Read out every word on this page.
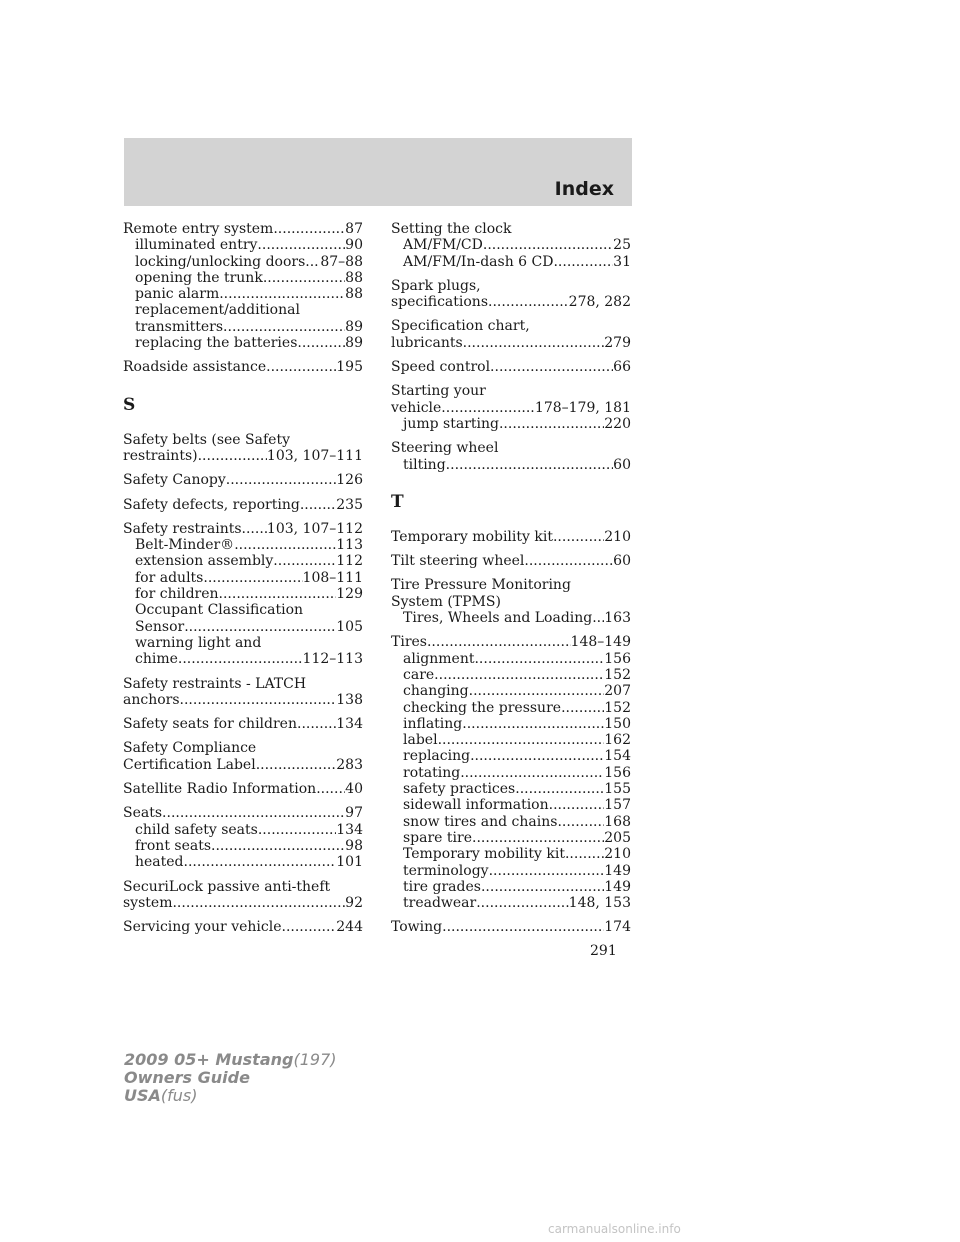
Index
Remote entry system .....	87
illuminated entry .....	90
locking/unlocking doors ..... 87–88
opening the trunk .....	88
panic alarm .....	88
replacement/additional
transmitters .....	89
replacing the batteries .....	89
Roadside assistance .....	195
S
Safety belts (see Safety
restraints) .....	103, 107–111
Safety Canopy .....	126
Safety defects, reporting .....	235
Safety restraints ..... 103, 107–112
Belt-Minder® .....	113
extension assembly .....	112
for adults .....	108–111
for children .....	129
Occupant Classification
Sensor .....	105
warning light and
chime .....	112–113
Safety restraints - LATCH
anchors .....	138
Safety seats for children .....	134
Safety Compliance
Certification Label .....	283
Satellite Radio Information ..... 40
Seats .....	97
child safety seats .....	134
front seats .....	98
heated .....	101
SecuriLock passive anti-theft
system .....	92
Servicing your vehicle .....	244
Setting the clock
AM/FM/CD .....	25
AM/FM/In-dash 6 CD .....	31
Spark plugs,
specifications .....	278, 282
Specification chart,
lubricants .....	279
Speed control .....	66
Starting your
vehicle .....	178–179, 181
jump starting .....	220
Steering wheel
tilting .....	60
T
Temporary mobility kit .....	210
Tilt steering wheel .....	60
Tire Pressure Monitoring
System (TPMS)
Tires, Wheels and Loading ..... 163
Tires .....	148–149
alignment .....	156
care .....	152
changing .....	207
checking the pressure .....	152
inflating .....	150
label .....	162
replacing .....	154
rotating .....	156
safety practices .....	155
sidewall information .....	157
snow tires and chains .....	168
spare tire .....	205
Temporary mobility kit .....	210
terminology .....	149
tire grades .....	149
treadwear .....	148, 153
Towing .....	174
291
2009 05+ Mustang(197)
Owners Guide
USA(fus)
carmanualsonline.info
